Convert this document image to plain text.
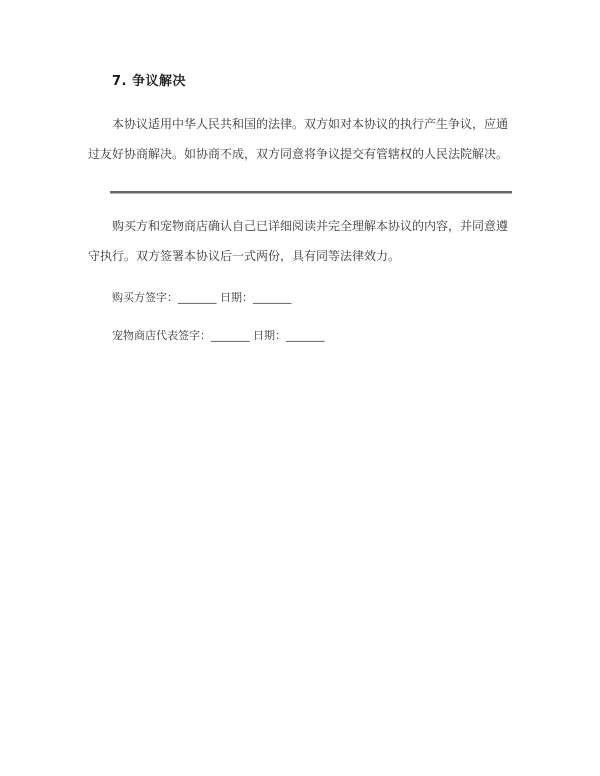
7. 争议解决

本协议适用中华人民共和国的法律。双方如对本协议的执行产生争议，应通过友好协商解决。如协商不成，双方同意将争议提交有管辖权的人民法院解决。

购买方和宠物商店确认自己已详细阅读并完全理解本协议的内容，并同意遵守执行。双方签署本协议后一式两份，具有同等法律效力。

购买方签字：_______ 日期：_______
宠物商店代表签字：_______ 日期：_______
